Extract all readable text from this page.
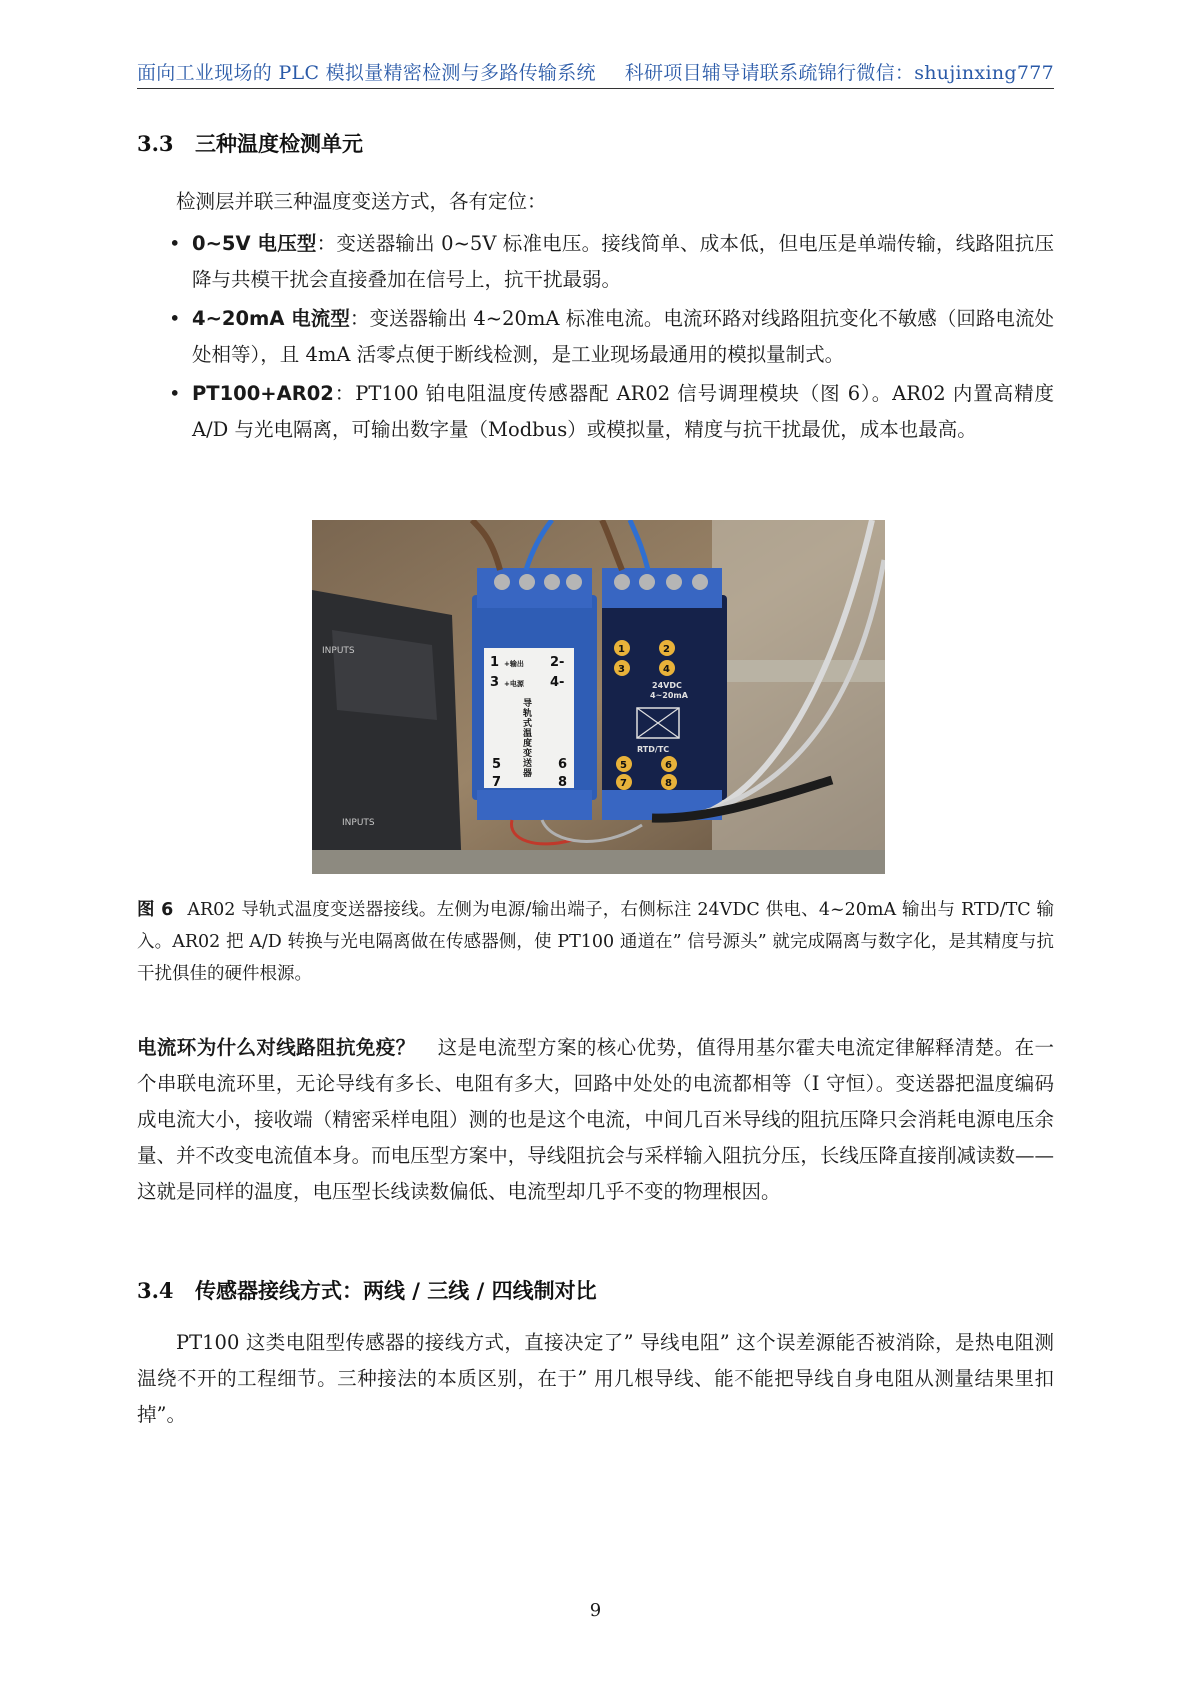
面向工业现场的 PLC 模拟量精密检测与多路传输系统 科研项目辅导请联系疏锦行微信：shujinxing777
3.3 三种温度检测单元

检测层并联三种温度变送方式，各有定位：

• 0~5V 电压型：变送器输出 0~5V 标准电压。接线简单、成本低，但电压是单端传输，线路阻抗压降与共模干扰会直接叠加在信号上，抗干扰最弱。
• 4~20mA 电流型：变送器输出 4~20mA 标准电流。电流环路对线路阻抗变化不敏感（回路电流处处相等），且 4mA 活零点便于断线检测，是工业现场最通用的模拟量制式。
• PT100+AR02：PT100 铂电阻温度传感器配 AR02 信号调理模块（图 6）。AR02 内置高精度 A/D 与光电隔离，可输出数字量（Modbus）或模拟量，精度与抗干扰最优，成本也最高。
INPUTS
INPUTS
1 +输出 2-
3 +电源 4-
导
轨
式
温
度
变
送
器
5	6
7	8
1	2
3	4
24VDC
4~20mA
RTD/TC
5	6
7	8

图 6 AR02 导轨式温度变送器接线。左侧为电源/输出端子，右侧标注 24VDC 供电、4~20mA 输出与 RTD/TC 输入。AR02 把 A/D 转换与光电隔离做在传感器侧，使 PT100 通道在” 信号源头” 就完成隔离与数字化，是其精度与抗干扰俱佳的硬件根源。

电流环为什么对线路阻抗免疫？ 这是电流型方案的核心优势，值得用基尔霍夫电流定律解释清楚。在一个串联电流环里，无论导线有多长、电阻有多大，回路中处处的电流都相等（I 守恒）。变送器把温度编码成电流大小，接收端（精密采样电阻）测的也是这个电流，中间几百米导线的阻抗压降只会消耗电源电压余量、并不改变电流值本身。而电压型方案中，导线阻抗会与采样输入阻抗分压，长线压降直接削减读数——这就是同样的温度，电压型长线读数偏低、电流型却几乎不变的物理根因。

3.4 传感器接线方式：两线 / 三线 / 四线制对比

PT100 这类电阻型传感器的接线方式，直接决定了” 导线电阻” 这个误差源能否被消除，是热电阻测温绕不开的工程细节。三种接法的本质区别，在于” 用几根导线、能不能把导线自身电阻从测量结果里扣掉”。

9
